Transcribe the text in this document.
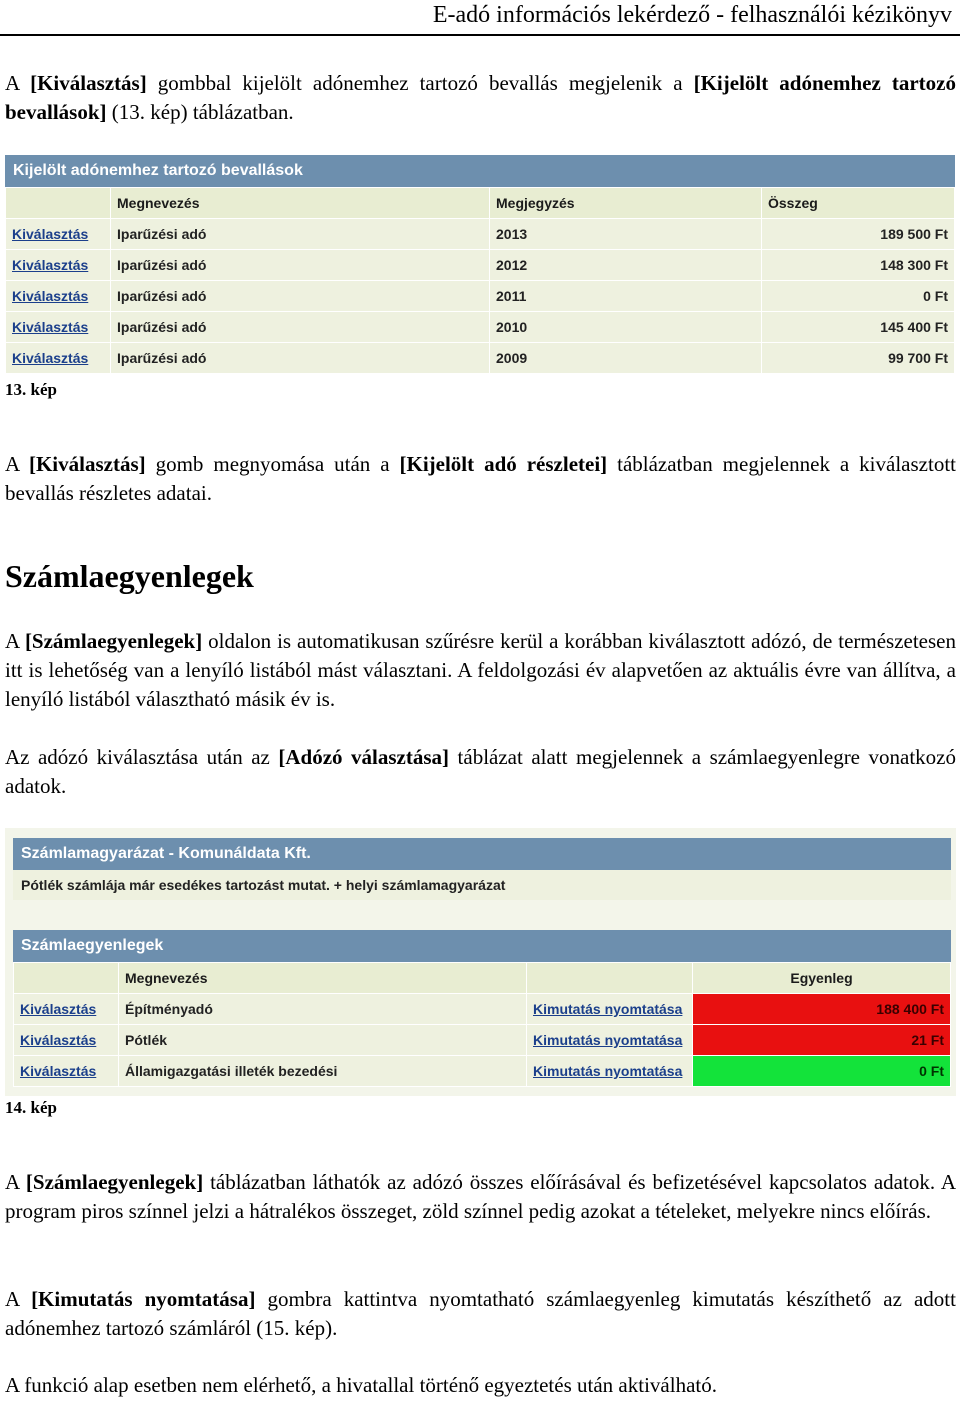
E-adó információs lekérdező - felhasználói kézikönyv
A [Kiválasztás] gombbal kijelölt adónemhez tartozó bevallás megjelenik a [Kijelölt adónemhez tartozó bevallások] (13. kép) táblázatban.
Kijelölt adónemhez tartozó bevallások
	Megnevezés	Megjegyzés	Összeg
Kiválasztás	Iparűzési adó	2013	189 500 Ft
Kiválasztás	Iparűzési adó	2012	148 300 Ft
Kiválasztás	Iparűzési adó	2011	0 Ft
Kiválasztás	Iparűzési adó	2010	145 400 Ft
Kiválasztás	Iparűzési adó	2009	99 700 Ft
13. kép
A [Kiválasztás] gomb megnyomása után a [Kijelölt adó részletei] táblázatban megjelennek a kiválasztott bevallás részletes adatai.
Számlaegyenlegek
A [Számlaegyenlegek] oldalon is automatikusan szűrésre kerül a korábban kiválasztott adózó, de természetesen itt is lehetőség van a lenyíló listából mást választani. A feldolgozási év alapvetően az aktuális évre van állítva, a lenyíló listából választható másik év is.
Az adózó kiválasztása után az [Adózó választása] táblázat alatt megjelennek a számlaegyenlegre vonatkozó adatok.
Számlamagyarázat - Komunáldata Kft.
Pótlék számlája már esedékes tartozást mutat. + helyi számlamagyarázat
Számlaegyenlegek
	Megnevezés		Egyenleg
Kiválasztás	Építményadó	Kimutatás nyomtatása	188 400 Ft
Kiválasztás	Pótlék	Kimutatás nyomtatása	21 Ft
Kiválasztás	Államigazgatási illeték bezedési	Kimutatás nyomtatása	0 Ft
14. kép
A [Számlaegyenlegek] táblázatban láthatók az adózó összes előírásával és befizetésével kapcsolatos adatok. A program piros színnel jelzi a hátralékos összeget, zöld színnel pedig azokat a tételeket, melyekre nincs előírás.
A [Kimutatás nyomtatása] gombra kattintva nyomtatható számlaegyenleg kimutatás készíthető az adott adónemhez tartozó számláról (15. kép).
A funkció alap esetben nem elérhető, a hivatallal történő egyeztetés után aktiválható.
